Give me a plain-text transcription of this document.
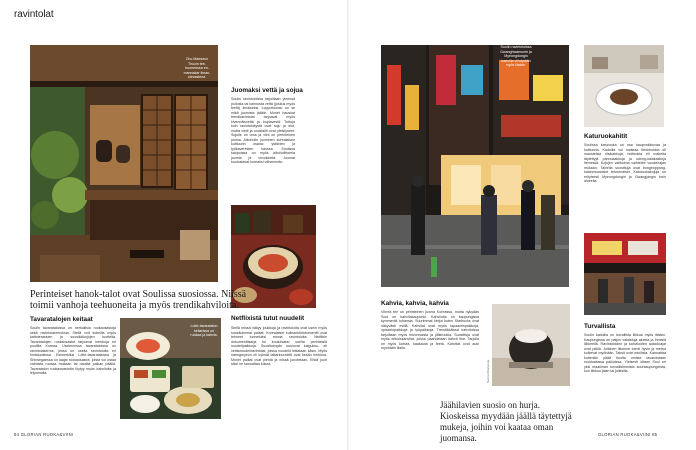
ravintolat
Cho Maeseun Thucin tee-huoneessa eri-mannakar ilman-olevastena.
Juomaksi vettä ja sojua
Soulin ravintoloissa tarjoillaan yleensä pullosta tai kannusta vettä (joskus myös teetä) ilmaiseksi. Lopputuomio on se mikä juomista jääkin. Monet hauskat trendiravintolat tarjoavat myös kivennäisvettä ja kuplavesiä. Tuttuja kuin ravintoloitystä ovat soju ja olut, mutta viinit ja cocktailit ovat yleistyneet. Sojulle on oma ja viini on perinteinen juoma. Alkoholin juominen korealaisen kulttuurin osana: ystävien ja työkavereiden kanssa. Soulissa kaupoissa on myös alkoholittomia juomia ja virvokkeita. Juomat kuulostavat koreaksi vähemmän.
Perinteiset hanok-talot ovat Soulissa suosiossa. Niissä toimii vanhoja teehuoneita ja myös trendikahviloita.
Tavaratalojen keitaat
Soulin tavarataloissa on herkullisia ruokaosastoja sekä ravintolakerroksia. Siellä voit kokeilla myös kattoterassien ja suosikkikojujen tuotteita. Tavaratalojen ruokaosastot tarjoavat herkkuja eri puolilta Koreaa. Useimmissa tavarataloissa on ravintolakerros, jossa on useita ravintoloita eri hintaluokissa. Esimerkiksi Lotte-tavaratalossa ja Shinsegaessa on laajat ruokaosastot, joista voi ostaa valmista ruokaa mukaan tai nauttia paikan päällä. Tavaratalon ruokaosastolta löytyy myös kahviloita ja leipomoita.
Lotte-tavaratalon kellarissa on ruokaa ja kahvia.
Netflixistä tutut nuudelit
Siellä missä näkyy joukkoja ja ravintoloita ovat usein myös suosituimmat paikat. Korealaiset kulinaristidokumentit ovat tehneet tunnetuksi monia ravintoloita. Netflixin dokumenttisarja toi kuuluisaksi useita perinteisiä nuudelipaikkoja. Suosituimpiin kuuluvat kalguksu- eli veitsinuudeliravintolat, joissa nuudelit leikataan käsin. Myös naengmyeon eli kylmät tattarinuudelit ovat kesän herkkua. Monet paikat ovat pieniä ja niissä jonotetaan. Ehkä juuri siksi ne kannattaa kokea.
84 GLORIAN RUOKA&VIINI
Soulin ravintoloissa Gwanghwamunin ja Myeongdongin kaduilla viihdytään myös iltaisin.
Katuruokahitit
Soulissa katuruoka on osa kaupunkikuvaa ja kulttuuria. Kaduilla voi maistaa tteokbokkia eli mausteisia riisikakkuja, hotteokia eli makeita täytettyjä pannukakkuja ja odeng-kalakakkuja liemessä. Kojujen valikoima vaihtelee vuodenajan mukaan. Talvella suosittuja ovat bungeoppang-kalanmuotoiset leivonnaiset. Katuruokakojuja on erityisesti Myeongdongin ja Gwangjangin torin alueella.
Jäähilavien suosio on hurja. Kioskeissa myydään jäällä täytettyjä mukeja, joihin voi kaataa oman juomansa.
Kahvia, kahvia, kahvia
Vihreä tee on perinteinen juoma Koreassa, mutta nykyään Soul on kahvilakaupunki. Kahviloita on kaupungissa kymmeniä tuhansia. Suurimmat ketjut kuten Starbucks ovat näkyvästi esillä. Kahvilat ovat myös tapaamispaikkoja, opiskelupaikkoja ja työpaikkoja. Trendikkäissä kahviloissa tarjoillaan myös leivonnaisia ja jälkiruokia. Suosittuja ovat myös erikoiskahvilat, joissa paahdetaan kahvit itse. Tarjolla on myös kahvia, kaakaota ja teetä. Kahvilat ovat auki myöhään illalla.
Sanna Mustanoja
Turvallista
Soulin kaduilla on turvallista liikkua myös iltaisin. Kaupungissa on paljon valaistuja alueita ja ihmisiä liikkeellä. Ravintoloiden ja kahviloiden aukioloajat ovat pitkiä. Julkinen liikenne toimii hyvin ja metrot kulkevat myöhään. Taksit ovat edullisia. Kannattaa kuitenkin pitää huolta omista tavaroistaan ruuhkaisissa paikoissa. Yleisesti ottaen Soul on yksi maailman turvallisimmista suurkaupungeista, kun liikkuu jalan tai julkisilla.
GLORIAN RUOKA&VIINI 85
